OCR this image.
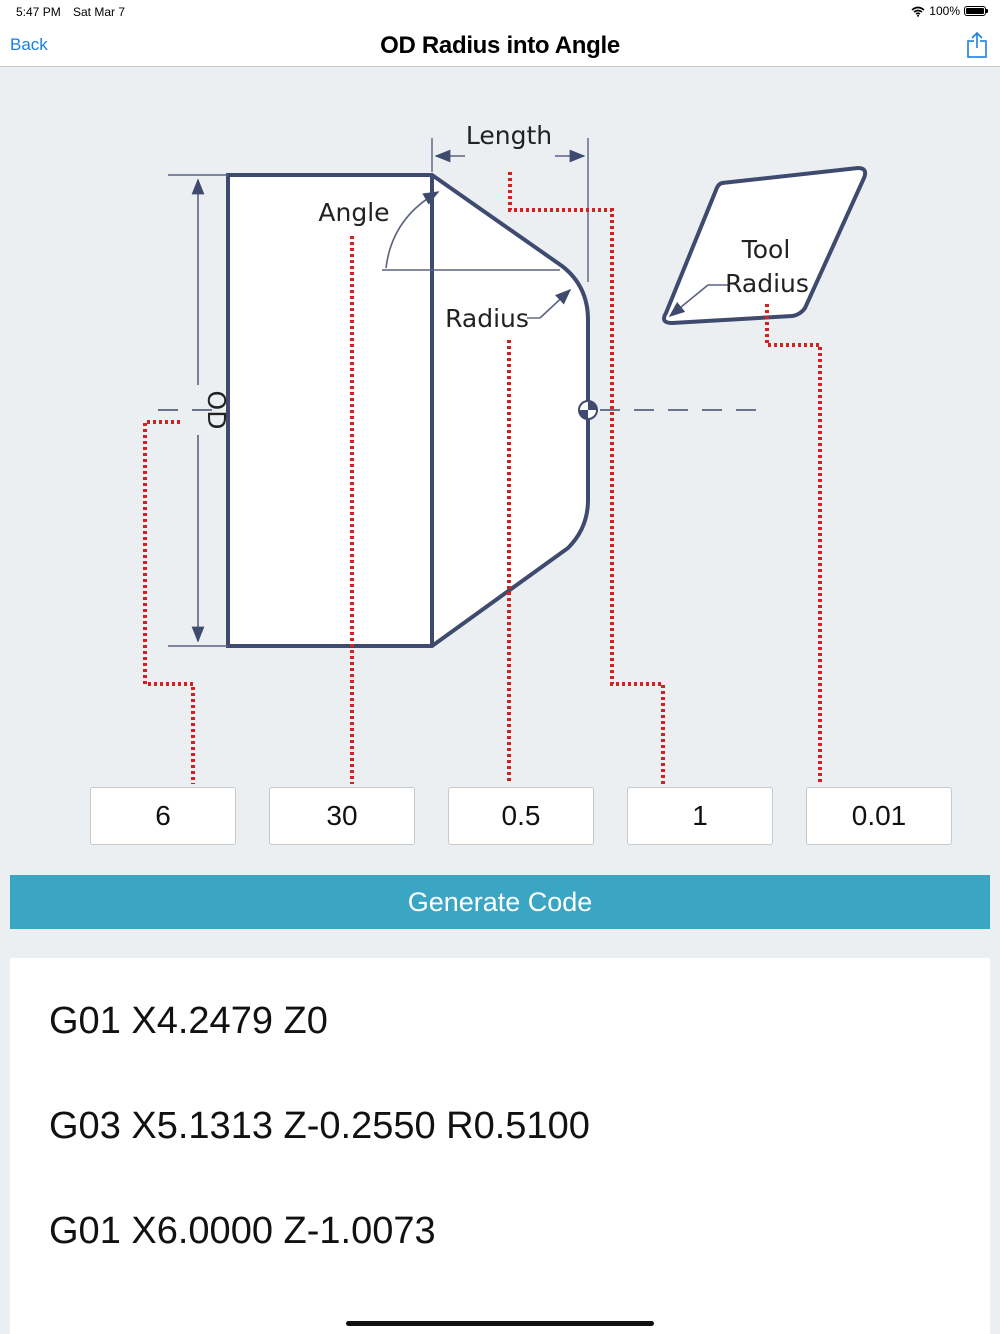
5:47 PM Sat Mar 7	100%
Back	OD Radius into Angle
OD
Length
Angle
Radius
Tool
Radius
6	30	0.5	1	0.01
Generate Code
G01 X4.2479 Z0
G03 X5.1313 Z-0.2550 R0.5100
G01 X6.0000 Z-1.0073
